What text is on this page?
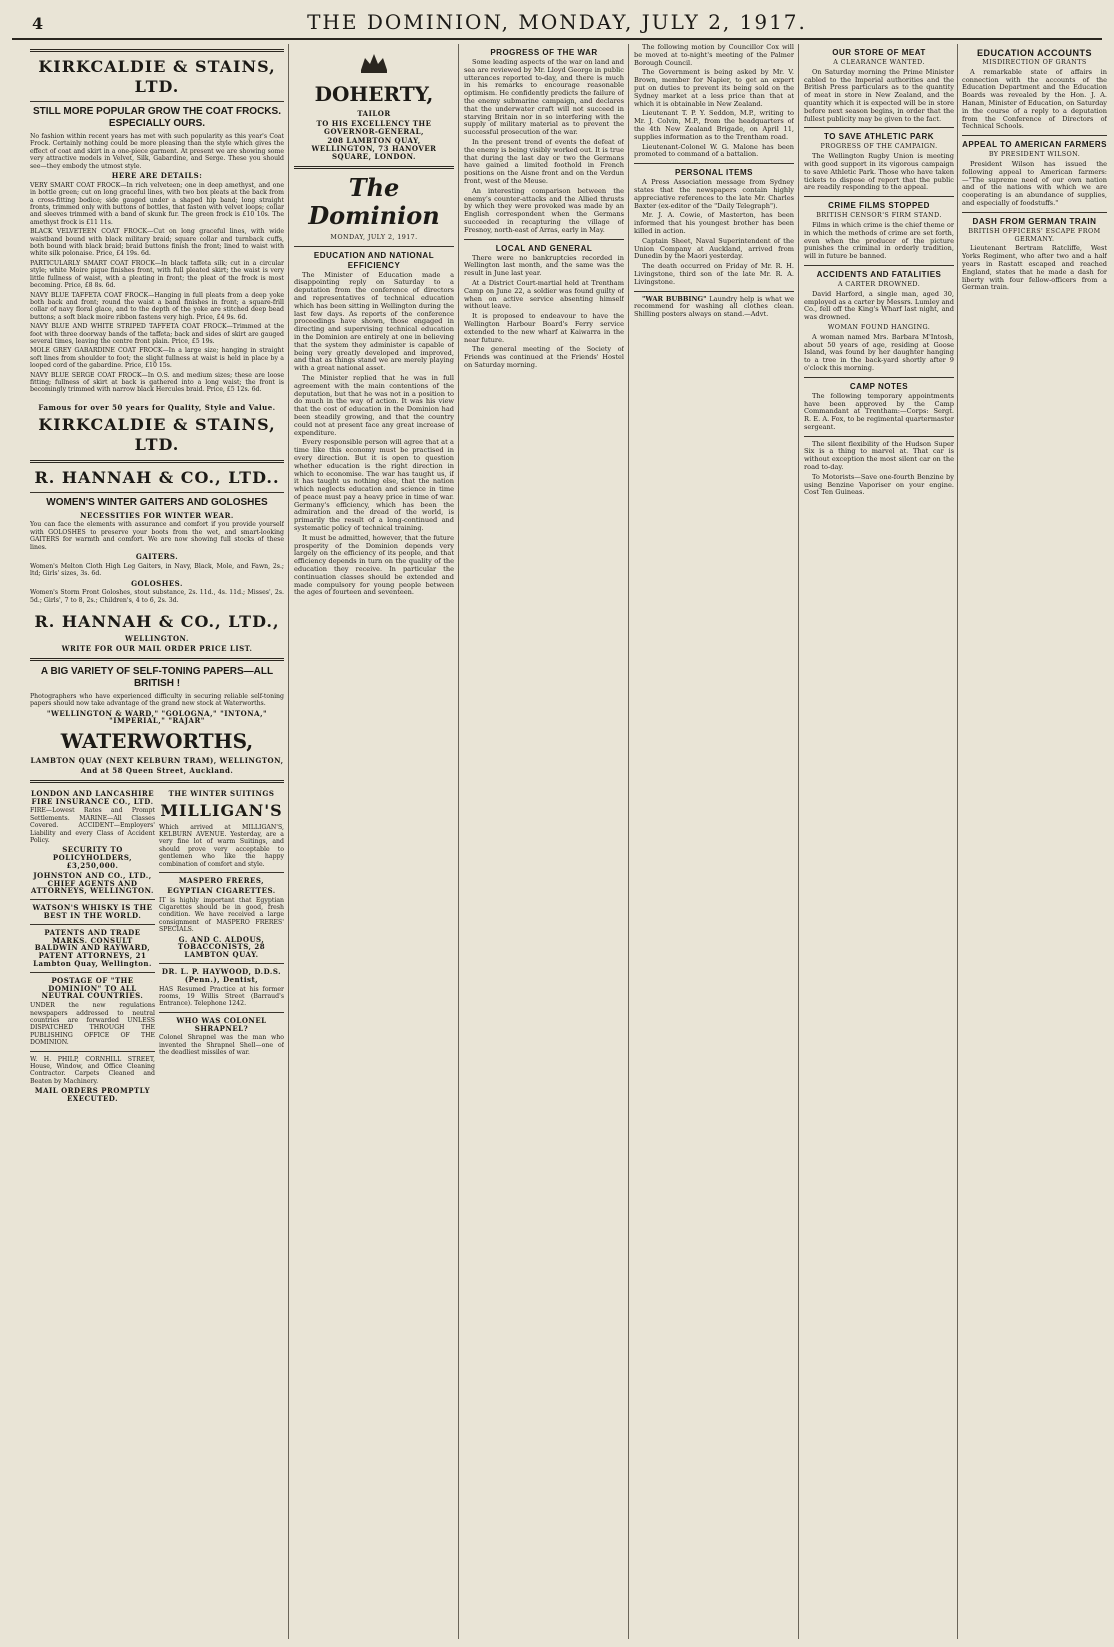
4	THE DOMINION, MONDAY, JULY 2, 1917.
KIRKCALDIE & STAINS, LTD.
STILL MORE POPULAR GROW THE COAT FROCKS. ESPECIALLY OURS.

No fashion within recent years has met with such popularity as this year's Coat Frock. Certainly nothing could be more pleasing than the style which gives the effect of coat and skirt in a one-piece garment. At present we are showing some very attractive models in Velvet, Silk, Gabardine, and Serge. These you should see—they embody the utmost style.

HERE ARE DETAILS:

VERY SMART COAT FROCK—In rich velveteen; one in deep amethyst, and one in bottle green; cut on long graceful lines, with two box pleats at the back from a cross-fitting bodice; side gauged under a shaped hip band; long straight fronts, trimmed only with buttons of bottles, that fasten with velvet loops; collar and sleeves trimmed with a band of skunk fur. The green frock is £10 10s. The amethyst frock is £11 11s.

BLACK VELVETEEN COAT FROCK—Cut on long graceful lines, with wide waistband bound with black military braid; square collar and turnback cuffs, both bound with black braid; braid buttons finish the front; lined to waist with white silk polonaise. Price, £4 19s. 6d.

PARTICULARLY SMART COAT FROCK—In black taffeta silk; cut in a circular style; white Moire pique finishes front, with full pleated skirt; the waist is very little fullness of waist, with a pleating in front; the pleat of the frock is most becoming. Price, £8 8s. 6d.

NAVY BLUE TAFFETA COAT FROCK—Hanging in full pleats from a deep yoke both back and front; round the waist a band finishes in front; a square-frill collar of navy floral glace, and to the depth of the yoke are stitched deep bead buttons; a soft black moire ribbon fastens very high. Price, £4 9s. 6d.

NAVY BLUE AND WHITE STRIPED TAFFETA COAT FROCK—Trimmed at the foot with three doorway bands of the taffeta; back and sides of skirt are gauged several times, leaving the centre front plain. Price, £5 19s.

MOLE GREY GABARDINE COAT FROCK—In a large size; hanging in straight soft lines from shoulder to foot; the slight fullness at waist is held in place by a looped cord of the gabardine. Price, £10 15s.

NAVY BLUE SERGE COAT FROCK—In O.S. and medium sizes; these are loose fitting; fullness of skirt at back is gathered into a long waist; the front is becomingly trimmed with narrow black Hercules braid. Price, £5 12s. 6d.

Famous for over 50 years for Quality, Style and Value.
KIRKCALDIE & STAINS, LTD.
R. HANNAH & CO., LTD..
WOMEN'S WINTER GAITERS AND GOLOSHES
NECESSITIES FOR WINTER WEAR.

You can face the elements with assurance and comfort if you provide yourself with GOLOSHES to preserve your boots from the wet, and smart-looking GAITERS for warmth and comfort. We are now showing full stocks of these lines.

GAITERS.

Women's Melton Cloth High Leg Gaiters, in Navy, Black, Mole, and Fawn, 2s.; ltd; Girls' sizes, 3s. 6d.

GOLOSHES.

Women's Storm Front Goloshes, stout substance, 2s. 11d., 4s. 11d.; Misses', 2s. 5d.; Girls', 7 to 8, 2s.; Children's, 4 to 6, 2s. 3d.

R. HANNAH & CO., LTD.,
WELLINGTON.
WRITE FOR OUR MAIL ORDER PRICE LIST.
A BIG VARIETY OF SELF-TONING PAPERS—ALL BRITISH !

Photographers who have experienced difficulty in securing reliable self-toning papers should now take advantage of the grand new stock at Waterworths.

"WELLINGTON & WARD," "GOLOGNA," "INTONA," "IMPERIAL," "RAJAR"
WATERWORTHS,
LAMBTON QUAY (NEXT KELBURN TRAM), WELLINGTON,
And at 58 Queen Street, Auckland.
LONDON AND LANCASHIRE FIRE INSURANCE CO., LTD.

FIRE—Lowest Rates and Prompt Settlements. MARINE—All Classes Covered. ACCIDENT—Employers' Liability and every Class of Accident Policy.

SECURITY TO POLICYHOLDERS, £3,250,000.
JOHNSTON AND CO., LTD., CHIEF AGENTS AND ATTORNEYS, WELLINGTON.
WATSON'S WHISKY IS THE BEST IN THE WORLD.
PATENTS AND TRADE MARKS. CONSULT BALDWIN AND RAYWARD, PATENT ATTORNEYS, 21 Lambton Quay, Wellington.
POSTAGE OF "THE DOMINION" TO ALL NEUTRAL COUNTRIES.

UNDER the new regulations newspapers addressed to neutral countries are forwarded UNLESS DISPATCHED THROUGH THE PUBLISHING OFFICE OF THE DOMINION.

W. H. PHILP, CORNHILL STREET, House, Window, and Office Cleaning Contractor. Carpets Cleaned and Beaten by Machinery.

MAIL ORDERS PROMPTLY EXECUTED.
THE WINTER SUITINGS
MILLIGAN'S

Which arrived at MILLIGAN'S, KELBURN AVENUE. Yesterday, are a very fine lot of warm Suitings, and should prove very acceptable to gentlemen who like the happy combination of comfort and style.

MASPERO FRERES,
EGYPTIAN CIGARETTES.

IT is highly important that Egyptian Cigarettes should be in good, fresh condition. We have received a large consignment of MASPERO FRERES' SPECIALS.

G. AND C. ALDOUS, TOBACCONISTS, 28 LAMBTON QUAY.
DR. L. P. HAYWOOD, D.D.S. (Penn.), Dentist,

HAS Resumed Practice at his former rooms, 19 Willis Street (Barraud's Entrance). Telephone 1242.

WHO WAS COLONEL SHRAPNEL?

Colonel Shrapnel was the man who invented the Shrapnel Shell—one of the deadliest missiles of war.

DOHERTY,
TAILOR
TO HIS EXCELLENCY THE GOVERNOR-GENERAL,
208 LAMBTON QUAY, WELLINGTON, 73 HANOVER SQUARE, LONDON.
The Dominion
MONDAY, JULY 2, 1917.
EDUCATION AND NATIONAL EFFICIENCY

The Minister of Education made a disappointing reply on Saturday to a deputation from the conference of directors and representatives of technical education which has been sitting in Wellington during the last few days. As reports of the conference proceedings have shown, those engaged in directing and supervising technical education in the Dominion are entirely at one in believing that the system they administer is capable of being very greatly developed and improved, and that as things stand we are merely playing with a great national asset.

The Minister replied that he was in full agreement with the main contentions of the deputation, but that he was not in a position to do much in the way of action. It was his view that the cost of education in the Dominion had been steadily growing, and that the country could not at present face any great increase of expenditure.

Every responsible person will agree that at a time like this economy must be practised in every direction. But it is open to question whether education is the right direction in which to economise. The war has taught us, if it has taught us nothing else, that the nation which neglects education and science in time of peace must pay a heavy price in time of war. Germany's efficiency, which has been the admiration and the dread of the world, is primarily the result of a long-continued and systematic policy of technical training.

It must be admitted, however, that the future prosperity of the Dominion depends very largely on the efficiency of its people, and that efficiency depends in turn on the quality of the education they receive. In particular the continuation classes should be extended and made compulsory for young people between the ages of fourteen and seventeen.

PROGRESS OF THE WAR

Some leading aspects of the war on land and sea are reviewed by Mr. Lloyd George in public utterances reported to-day, and there is much in his remarks to encourage reasonable optimism. He confidently predicts the failure of the enemy submarine campaign, and declares that the underwater craft will not succeed in starving Britain nor in so interfering with the supply of military material as to prevent the successful prosecution of the war.

In the present trend of events the defeat of the enemy is being visibly worked out. It is true that during the last day or two the Germans have gained a limited foothold in French positions on the Aisne front and on the Verdun front, west of the Meuse.

An interesting comparison between the enemy's counter-attacks and the Allied thrusts by which they were provoked was made by an English correspondent when the Germans succeeded in recapturing the village of Fresnoy, north-east of Arras, early in May.

LOCAL AND GENERAL

There were no bankruptcies recorded in Wellington last month, and the same was the result in June last year.

At a District Court-martial held at Trentham Camp on June 22, a soldier was found guilty of when on active service absenting himself without leave.

It is proposed to endeavour to have the Wellington Harbour Board's Ferry service extended to the new wharf at Kaiwarra in the near future.

The general meeting of the Society of Friends was continued at the Friends' Hostel on Saturday morning.

The following motion by Councillor Cox will be moved at to-night's meeting of the Palmer Borough Council.

The Government is being asked by Mr. V. Brown, member for Napier, to get an expert put on duties to prevent its being sold on the Sydney market at a less price than that at which it is obtainable in New Zealand.

Lieutenant T. P. Y. Seddon, M.P., writing to Mr. J. Colvin, M.P., from the headquarters of the 4th New Zealand Brigade, on April 11, supplies information as to the Trentham road.

Lieutenant-Colonel W. G. Malone has been promoted to command of a battalion.

PERSONAL ITEMS

A Press Association message from Sydney states that the newspapers contain highly appreciative references to the late Mr. Charles Baxter (ex-editor of the "Daily Telegraph").

Mr. J. A. Cowie, of Masterton, has been informed that his youngest brother has been killed in action.

Captain Sheet, Naval Superintendent of the Union Company at Auckland, arrived from Dunedin by the Maori yesterday.

The death occurred on Friday of Mr. R. H. Livingstone, third son of the late Mr. R. A. Livingstone.

"WAR BUBBING" Laundry help is what we recommend for washing all clothes clean. Shilling posters always on stand.—Advt.

OUR STORE OF MEAT
A CLEARANCE WANTED.

On Saturday morning the Prime Minister cabled to the Imperial authorities and the British Press particulars as to the quantity of meat in store in New Zealand, and the quantity which it is expected will be in store before next season begins, in order that the fullest publicity may be given to the fact.

TO SAVE ATHLETIC PARK
PROGRESS OF THE CAMPAIGN.

The Wellington Rugby Union is meeting with good support in its vigorous campaign to save Athletic Park. Those who have taken tickets to dispose of report that the public are readily responding to the appeal.

CRIME FILMS STOPPED
BRITISH CENSOR'S FIRM STAND.

Films in which crime is the chief theme or in which the methods of crime are set forth, even when the producer of the picture punishes the criminal in orderly tradition, will in future be banned.

ACCIDENTS AND FATALITIES
A CARTER DROWNED.

David Harford, a single man, aged 30, employed as a carter by Messrs. Lumley and Co., fell off the King's Wharf last night, and was drowned.

WOMAN FOUND HANGING.

A woman named Mrs. Barbara M'Intosh, about 50 years of age, residing at Goose Island, was found by her daughter hanging to a tree in the back-yard shortly after 9 o'clock this morning.

CAMP NOTES

The following temporary appointments have been approved by the Camp Commandant at Trentham:—Corps: Sergt. R. E. A. Fox, to be regimental quartermaster sergeant.

The silent flexibility of the Hudson Super Six is a thing to marvel at. That car is without exception the most silent car on the road to-day.

To Motorists—Save one-fourth Benzine by using Benzine Vaporiser on your engine. Cost Ten Guineas.

EDUCATION ACCOUNTS
MISDIRECTION OF GRANTS

A remarkable state of affairs in connection with the accounts of the Education Department and the Education Boards was revealed by the Hon. J. A. Hanan, Minister of Education, on Saturday in the course of a reply to a deputation from the Conference of Directors of Technical Schools.

APPEAL TO AMERICAN FARMERS
BY PRESIDENT WILSON.

President Wilson has issued the following appeal to American farmers:—"The supreme need of our own nation and of the nations with which we are cooperating is an abundance of supplies, and especially of foodstuffs."

DASH FROM GERMAN TRAIN
BRITISH OFFICERS' ESCAPE FROM GERMANY.

Lieutenant Bertram Ratcliffe, West Yorks Regiment, who after two and a half years in Rastatt escaped and reached England, states that he made a dash for liberty with four fellow-officers from a German train.
